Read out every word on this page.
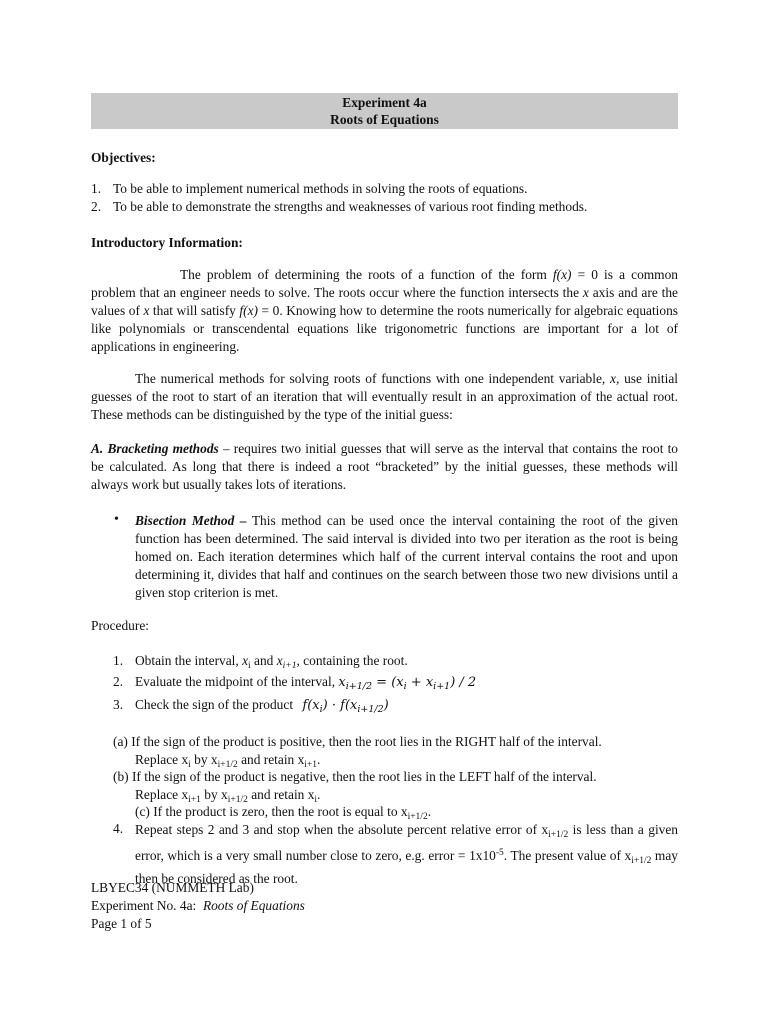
Experiment 4a
Roots of Equations
Objectives:
1. To be able to implement numerical methods in solving the roots of equations.
2. To be able to demonstrate the strengths and weaknesses of various root finding methods.
Introductory Information:

The problem of determining the roots of a function of the form f(x) = 0 is a common problem that an engineer needs to solve. The roots occur where the function intersects the x axis and are the values of x that will satisfy f(x) = 0. Knowing how to determine the roots numerically for algebraic equations like polynomials or transcendental equations like trigonometric functions are important for a lot of applications in engineering.

The numerical methods for solving roots of functions with one independent variable, x, use initial guesses of the root to start of an iteration that will eventually result in an approximation of the actual root. These methods can be distinguished by the type of the initial guess:

A. Bracketing methods – requires two initial guesses that will serve as the interval that contains the root to be calculated. As long that there is indeed a root “bracketed” by the initial guesses, these methods will always work but usually takes lots of iterations.

• Bisection Method – This method can be used once the interval containing the root of the given function has been determined. The said interval is divided into two per iteration as the root is being homed on. Each iteration determines which half of the current interval contains the root and upon determining it, divides that half and continues on the search between those two new divisions until a given stop criterion is met.

Procedure:
1. Obtain the interval, $x_i$ and $x_{i+1}$, containing the root.
2. Evaluate the midpoint of the interval, $x_{i+1/2} = (x_i + x_{i+1}) / 2$
3. Check the sign of the product $f(x_i) \cdot f(x_{i+1/2})$
(a) If the sign of the product is positive, then the root lies in the RIGHT half of the interval.
Replace $x_i$ by $x_{i+1/2}$ and retain $x_{i+1}$.
(b) If the sign of the product is negative, then the root lies in the LEFT half of the interval.
Replace $x_{i+1}$ by $x_{i+1/2}$ and retain $x_i$.
(c) If the product is zero, then the root is equal to $x_{i+1/2}$.
4. Repeat steps 2 and 3 and stop when the absolute percent relative error of $x_{i+1/2}$ is less than a given error, which is a very small number close to zero, e.g. error = $1x10^{-5}$. The present value of $x_{i+1/2}$ may then be considered as the root.

LBYEC34 (NUMMETH Lab)
Experiment No. 4a:  Roots of Equations
Page 1 of 5
